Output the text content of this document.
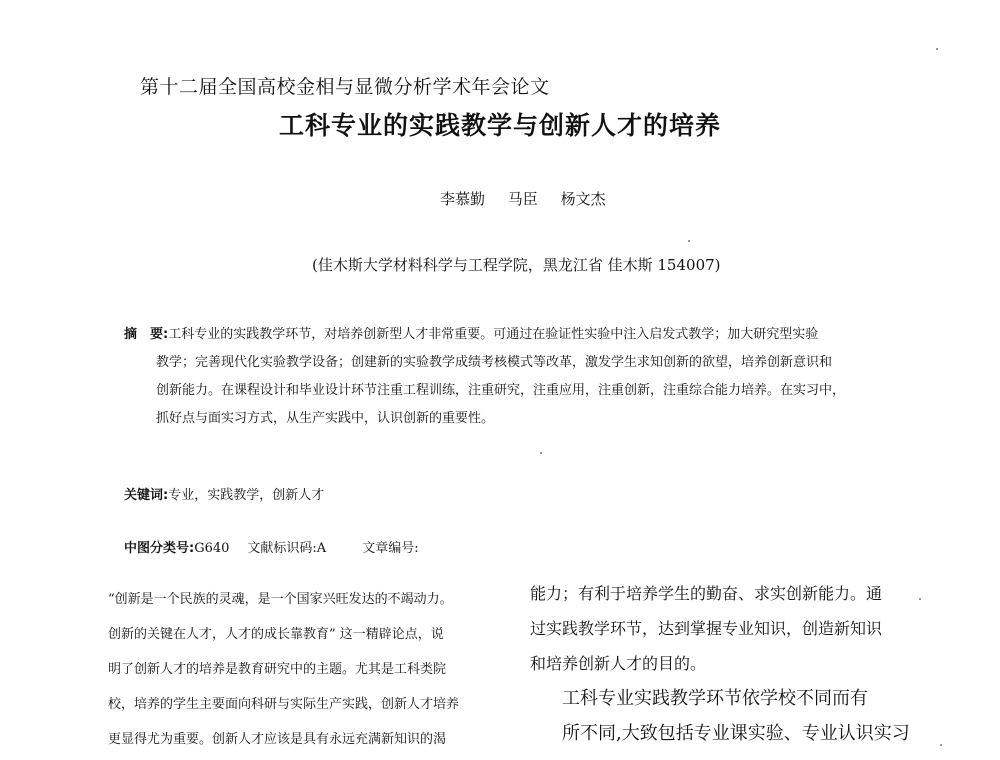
第十二届全国高校金相与显微分析学术年会论文
工科专业的实践教学与创新人才的培养
李慕勤 马臣 杨文杰
(佳木斯大学材料科学与工程学院，黑龙江省 佳木斯 154007)
摘　要:工科专业的实践教学环节，对培养创新型人才非常重要。可通过在验证性实验中注入启发式教学；加大研究型实验
教学；完善现代化实验教学设备；创建新的实验教学成绩考核模式等改革，激发学生求知创新的欲望，培养创新意识和
创新能力。在课程设计和毕业设计环节注重工程训练，注重研究，注重应用，注重创新，注重综合能力培养。在实习中，
抓好点与面实习方式，从生产实践中，认识创新的重要性。
关键词:专业，实践教学，创新人才
中图分类号:G640 文献标识码:A	文章编号:
“创新是一个民族的灵魂，是一个国家兴旺发达的不竭动力。
创新的关键在人才，人才的成长靠教育” 这一精辟论点，说
明了创新人才的培养是教育研究中的主题。尤其是工科类院
校，培养的学生主要面向科研与实际生产实践，创新人才培养
更显得尤为重要。创新人才应该是具有永远充满新知识的渴
能力；有利于培养学生的勤奋、求实创新能力。通
过实践教学环节，达到掌握专业知识，创造新知识
和培养创新人才的目的。
工科专业实践教学环节依学校不同而有
所不同,大致包括专业课实验、专业认识实习
